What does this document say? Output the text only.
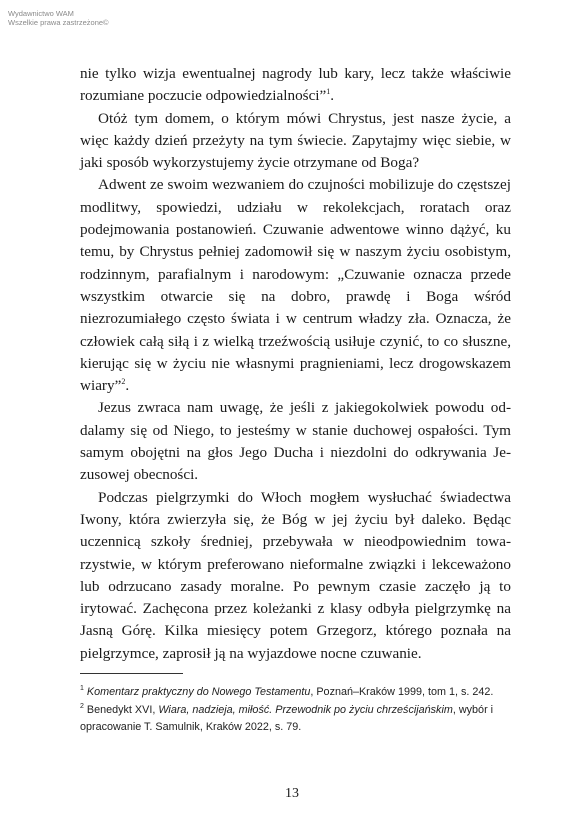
Wydawnictwo WAM
Wszelkie prawa zastrzeżone©

nie tylko wizja ewentualnej nagrody lub kary, lecz także właściwie rozumiane poczucie odpowiedzialności”$^1$.

Otóż tym domem, o którym mówi Chrystus, jest nasze życie, a więc każdy dzień przeżyty na tym świecie. Zapytajmy więc siebie, w jaki sposób wykorzystujemy życie otrzymane od Boga?

Adwent ze swoim wezwaniem do czujności mobilizuje do częstszej modlitwy, spowiedzi, udziału w rekolekcjach, roratach oraz podejmowania postanowień. Czuwanie adwentowe winno dążyć, ku temu, by Chrystus pełniej zadomowił się w naszym życiu osobistym, rodzinnym, parafialnym i narodowym: „Czuwanie oznacza przede wszystkim otwarcie się na dobro, prawdę i Boga wśród niezrozumiałego często świata i w centrum władzy zła. Oznacza, że człowiek całą siłą i z wielką trzeźwością usiłuje czynić, to co słuszne, kierując się w życiu nie własnymi pragnieniami, lecz drogowskazem wiary”$^2$.

Jezus zwraca nam uwagę, że jeśli z jakiegokolwiek powodu oddalamy się od Niego, to jesteśmy w stanie duchowej ospałości. Tym samym obojętni na głos Jego Ducha i niezdolni do odkrywania Jezusowej obecności.

Podczas pielgrzymki do Włoch mogłem wysłuchać świadectwa Iwony, która zwierzyła się, że Bóg w jej życiu był daleko. Będąc uczennicą szkoły średniej, przebywała w nieodpowiednim towarzystwie, w którym preferowano nieformalne związki i lekceważono lub odrzucano zasady moralne. Po pewnym czasie zaczęło ją to irytować. Zachęcona przez koleżanki z klasy odbyła pielgrzymkę na Jasną Górę. Kilka miesięcy potem Grzegorz, którego poznała na pielgrzymce, zaprosił ją na wyjazdowe nocne czuwanie.

$^1$ Komentarz praktyczny do Nowego Testamentu, Poznań–Kraków 1999, tom 1, s. 242.

$^2$ Benedykt XVI, Wiara, nadzieja, miłość. Przewodnik po życiu chrześcijańskim, wybór i opracowanie T. Samulnik, Kraków 2022, s. 79.

13
